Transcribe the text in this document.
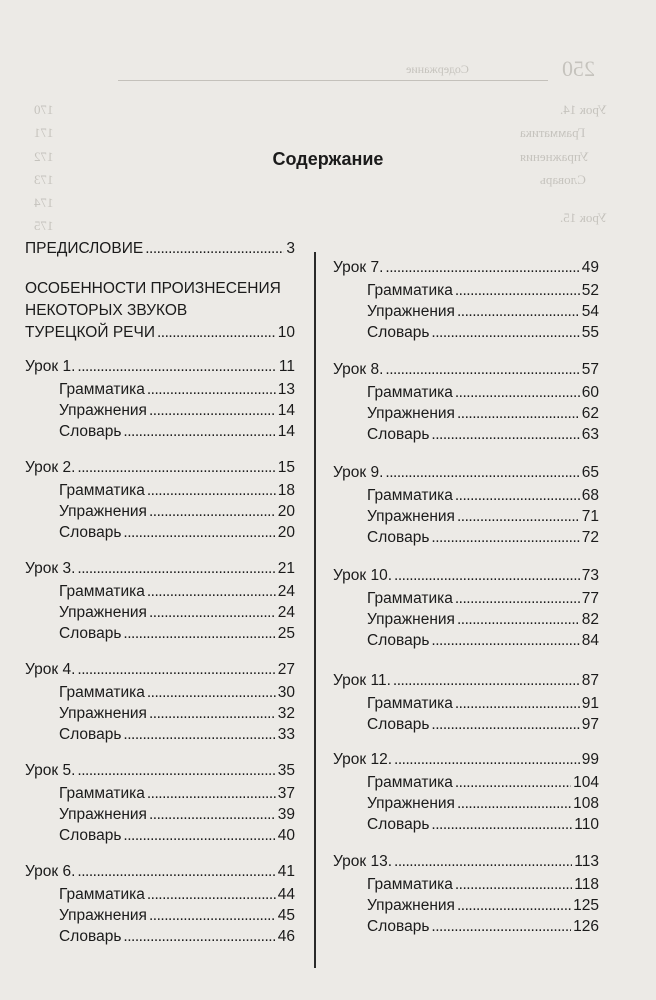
250
Содержание
Урок 14.
Грамматика
Упражнения
Словарь
Урок 15.
170
171
172
173
174
175
Содержание
ПРЕДИСЛОВИЕ . . .	3
ОСОБЕННОСТИ ПРОИЗНЕСЕНИЯ
НЕКОТОРЫХ ЗВУКОВ
ТУРЕЦКОЙ РЕЧИ . . .	10
Урок 1. . . .	11
Грамматика . . .	13
Упражнения . . .	14
Словарь . . .	14
Урок 2. . . .	15
Грамматика . . .	18
Упражнения . . .	20
Словарь . . .	20
Урок 3. . . .	21
Грамматика . . .	24
Упражнения . . .	24
Словарь . . .	25
Урок 4. . . .	27
Грамматика . . .	30
Упражнения . . .	32
Словарь . . .	33
Урок 5. . . .	35
Грамматика . . .	37
Упражнения . . .	39
Словарь . . .	40
Урок 6. . . .	41
Грамматика . . .	44
Упражнения . . .	45
Словарь . . .	46
Урок 7. . . .	49
Грамматика . . .	52
Упражнения . . .	54
Словарь . . .	55
Урок 8. . . .	57
Грамматика . . .	60
Упражнения . . .	62
Словарь . . .	63
Урок 9. . . .	65
Грамматика . . .	68
Упражнения . . .	71
Словарь . . .	72
Урок 10. . . .	73
Грамматика . . .	77
Упражнения . . .	82
Словарь . . .	84
Урок 11. . . .	87
Грамматика . . .	91
Словарь . . .	97
Урок 12. . . .	99
Грамматика . . .	104
Упражнения . . .	108
Словарь . . .	110
Урок 13. . . .	113
Грамматика . . .	118
Упражнения . . .	125
Словарь . . .	126
